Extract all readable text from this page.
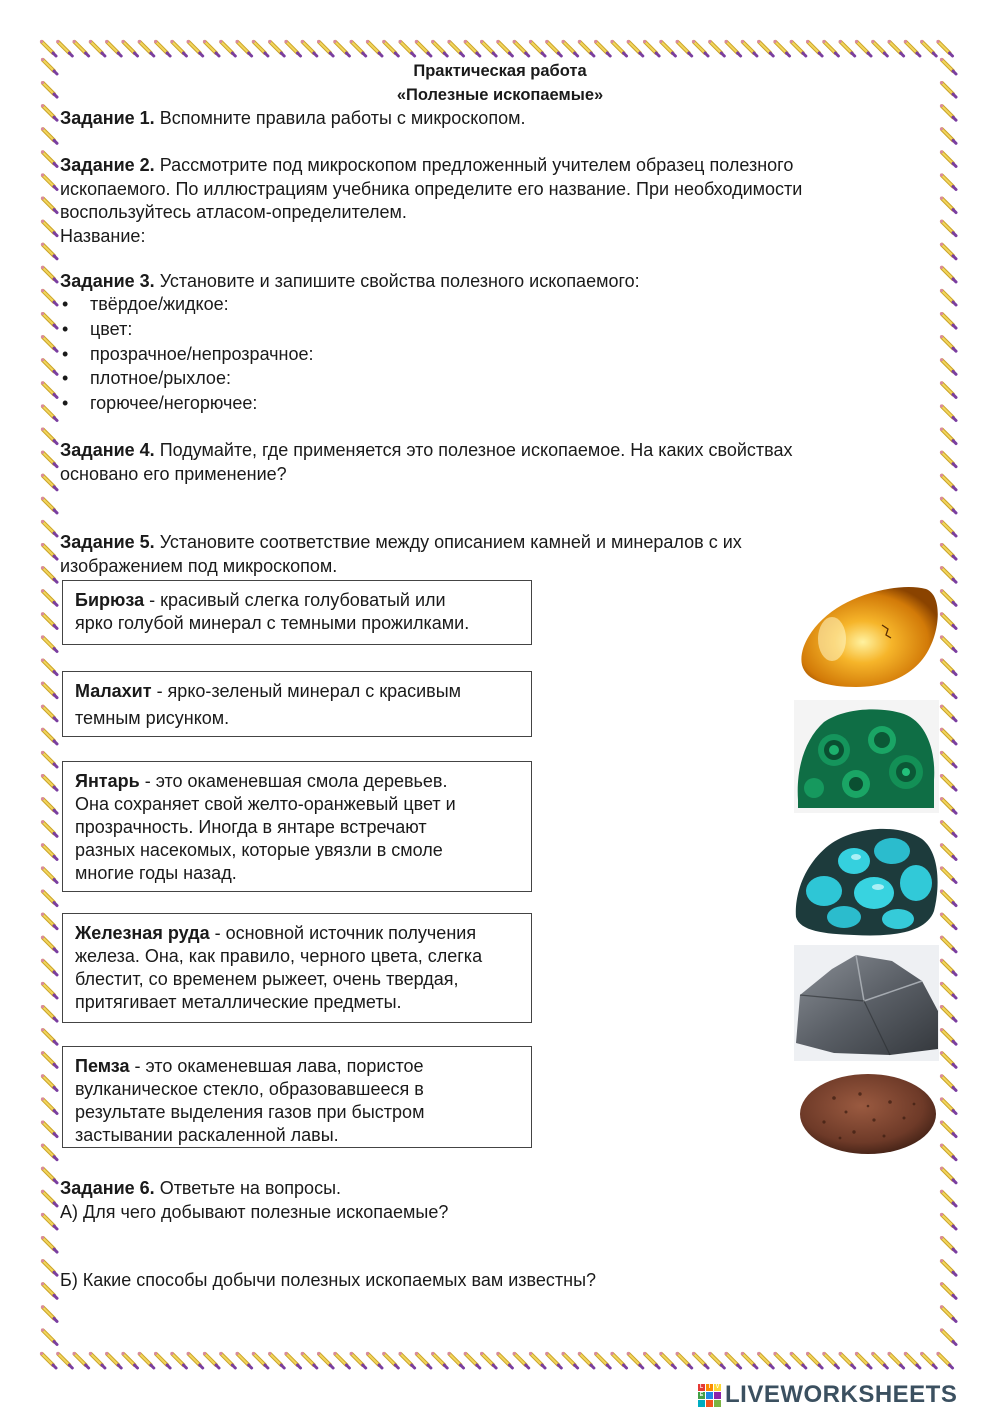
Практическая работа
«Полезные ископаемые»
Задание 1. Вспомните правила работы с микроскопом.
Задание 2. Рассмотрите под микроскопом предложенный учителем образец полезного
ископаемого. По иллюстрациям учебника определите его название. При необходимости
воспользуйтесь атласом-определителем.
Название:
Задание 3. Установите и запишите свойства полезного ископаемого:
• твёрдое/жидкое:
• цвет:
• прозрачное/непрозрачное:
• плотное/рыхлое:
• горючее/негорючее:
Задание 4. Подумайте, где применяется это полезное ископаемое. На каких свойствах
основано его применение?
Задание 5. Установите соответствие между описанием камней и минералов с их
изображением под микроскопом.
Бирюза - красивый слегка голубоватый или
ярко голубой минерал с темными прожилками.
Малахит - ярко-зеленый минерал с красивым
темным рисунком.
Янтарь - это окаменевшая смола деревьев.
Она сохраняет свой желто-оранжевый цвет и
прозрачность. Иногда в янтаре встречают
разных насекомых, которые увязли в смоле
многие годы назад.
Железная руда - основной источник получения
железа. Она, как правило, черного цвета, слегка
блестит, со временем рыжеет, очень твердая,
притягивает металлические предметы.
Пемза - это окаменевшая лава, пористое
вулканическое стекло, образовавшееся в
результате выделения газов при быстром
застывании раскаленной лавы.
Задание 6. Ответьте на вопросы.
А) Для чего добывают полезные ископаемые?
Б) Какие способы добычи полезных ископаемых вам известны?
L	I	V
E LIVEWORKSHEETS
